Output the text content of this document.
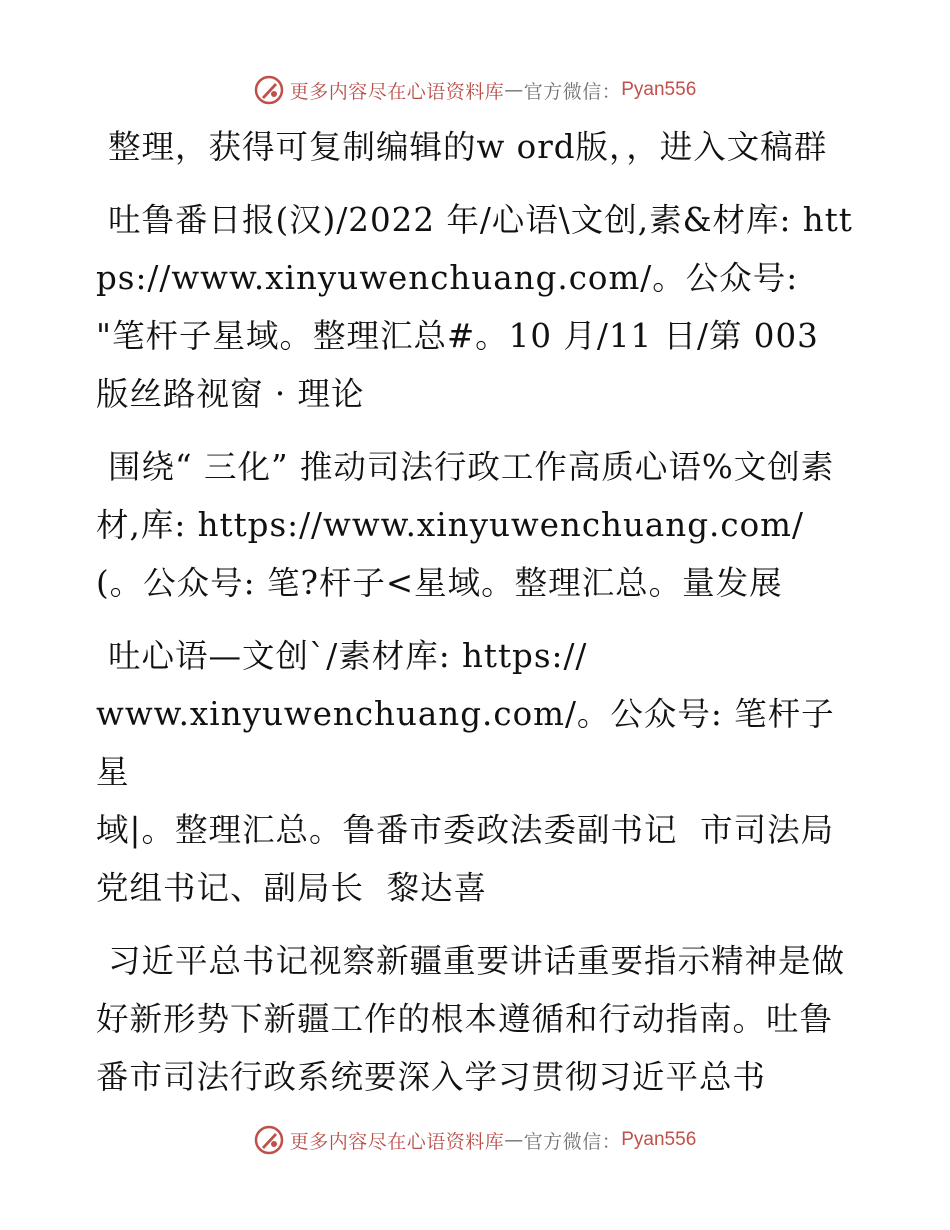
更多内容尽在心语资料库 — 官方微信： Pyan556

整理，获得可复制编辑的w ord版，，进入文稿群

吐鲁番日报(汉)/2022 年/心语\文创,素&材库: https://www.xinyuwenchuang.com/。公众号: "笔杆子星域。整理汇总#。10 月/11 日/第 003 版丝路视窗 · 理论

围绕“ 三化” 推动司法行政工作高质心语%文创素材,库: https://www.xinyuwenchuang.com/ (。公众号: 笔?杆子<星域。整理汇总。量发展

吐心语—文创`/素材库: https://
www.xinyuwenchuang.com/。公众号: 笔杆子星
域|。整理汇总。鲁番市委政法委副书记  市司法局党组书记、副局长  黎达喜

习近平总书记视察新疆重要讲话重要指示精神是做好新形势下新疆工作的根本遵循和行动指南。吐鲁番市司法行政系统要深入学习贯彻习近平总书

更多内容尽在心语资料库 — 官方微信： Pyan556
